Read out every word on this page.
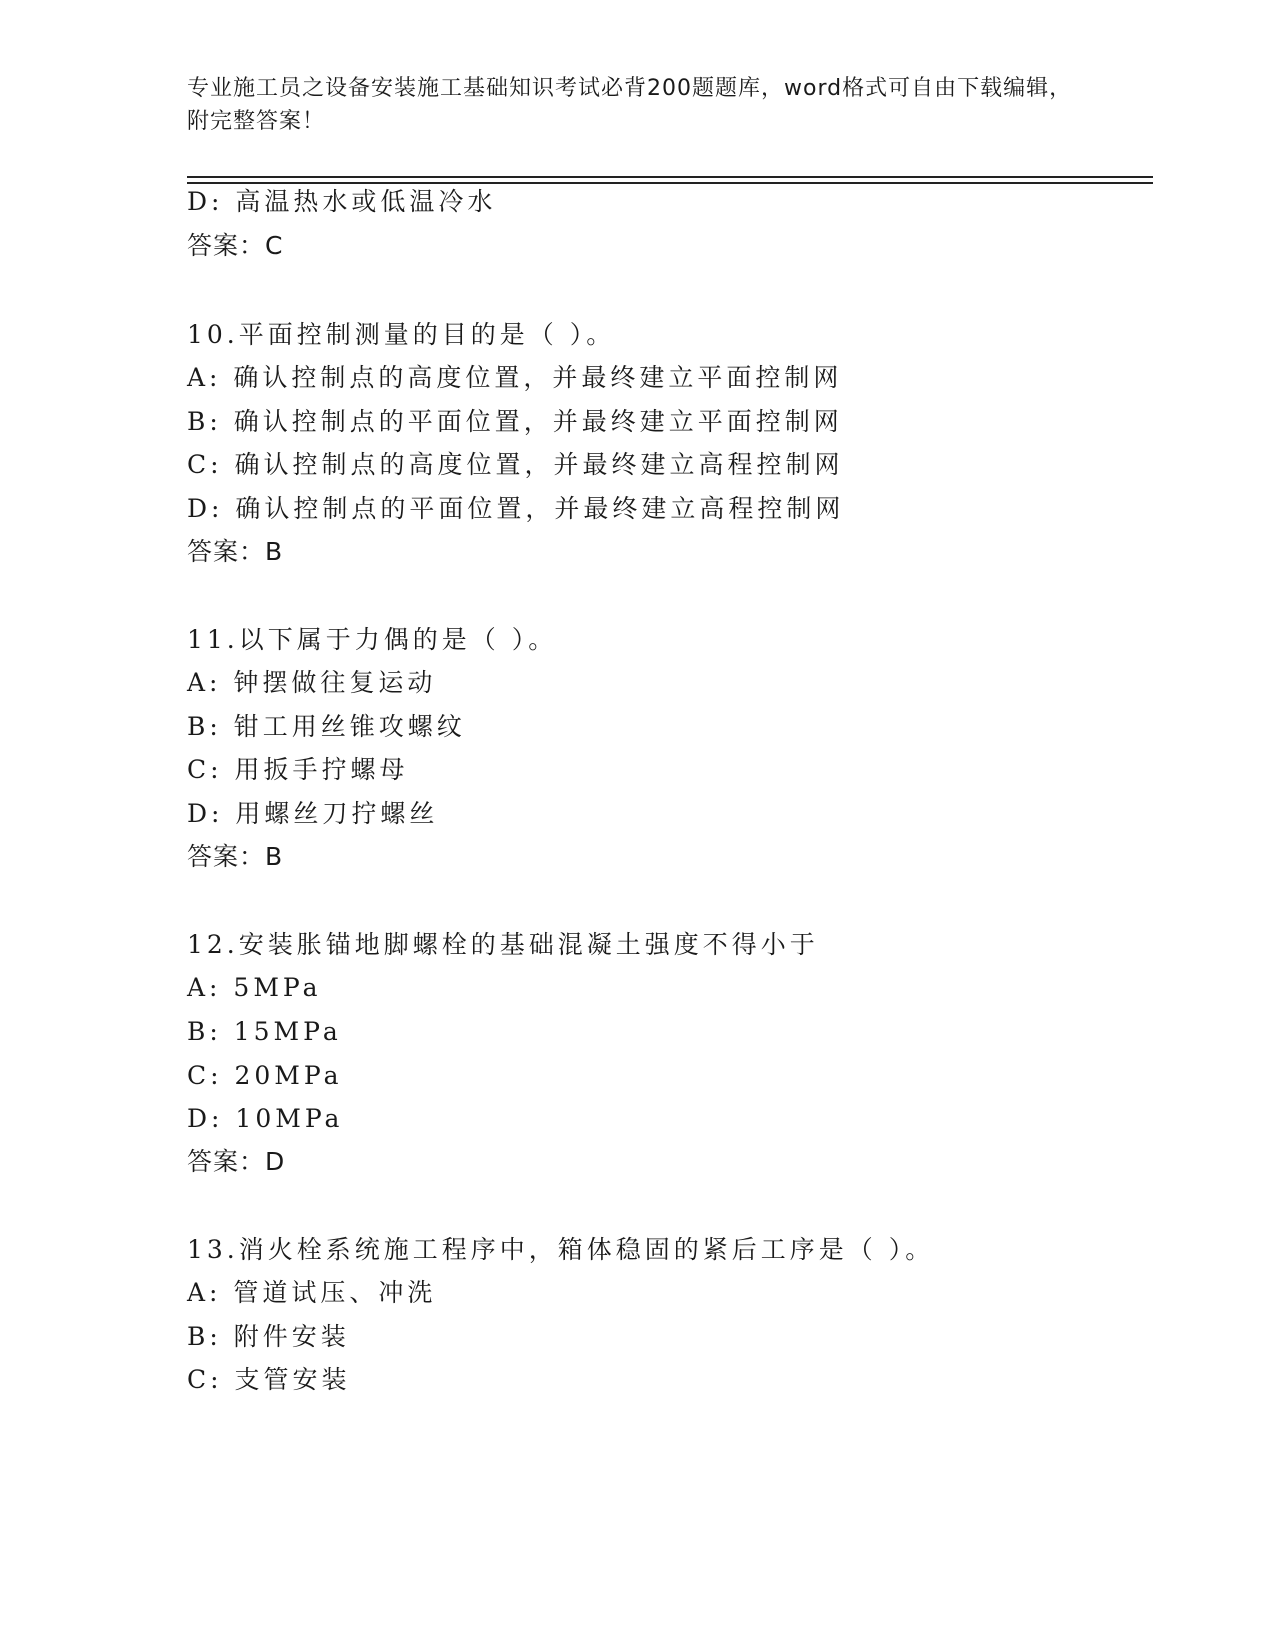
专业施工员之设备安装施工基础知识考试必背200题题库，word格式可自由下载编辑，附完整答案！
D: 高温热水或低温冷水
答案：C
10.平面控制测量的目的是（ ）。
A: 确认控制点的高度位置，并最终建立平面控制网
B: 确认控制点的平面位置，并最终建立平面控制网
C: 确认控制点的高度位置，并最终建立高程控制网
D: 确认控制点的平面位置，并最终建立高程控制网
答案：B
11.以下属于力偶的是（ ）。
A: 钟摆做往复运动
B: 钳工用丝锥攻螺纹
C: 用扳手拧螺母
D: 用螺丝刀拧螺丝
答案：B
12.安装胀锚地脚螺栓的基础混凝土强度不得小于
A: 5MPa
B: 15MPa
C: 20MPa
D: 10MPa
答案：D
13.消火栓系统施工程序中，箱体稳固的紧后工序是（ ）。
A: 管道试压、冲洗
B: 附件安装
C: 支管安装
